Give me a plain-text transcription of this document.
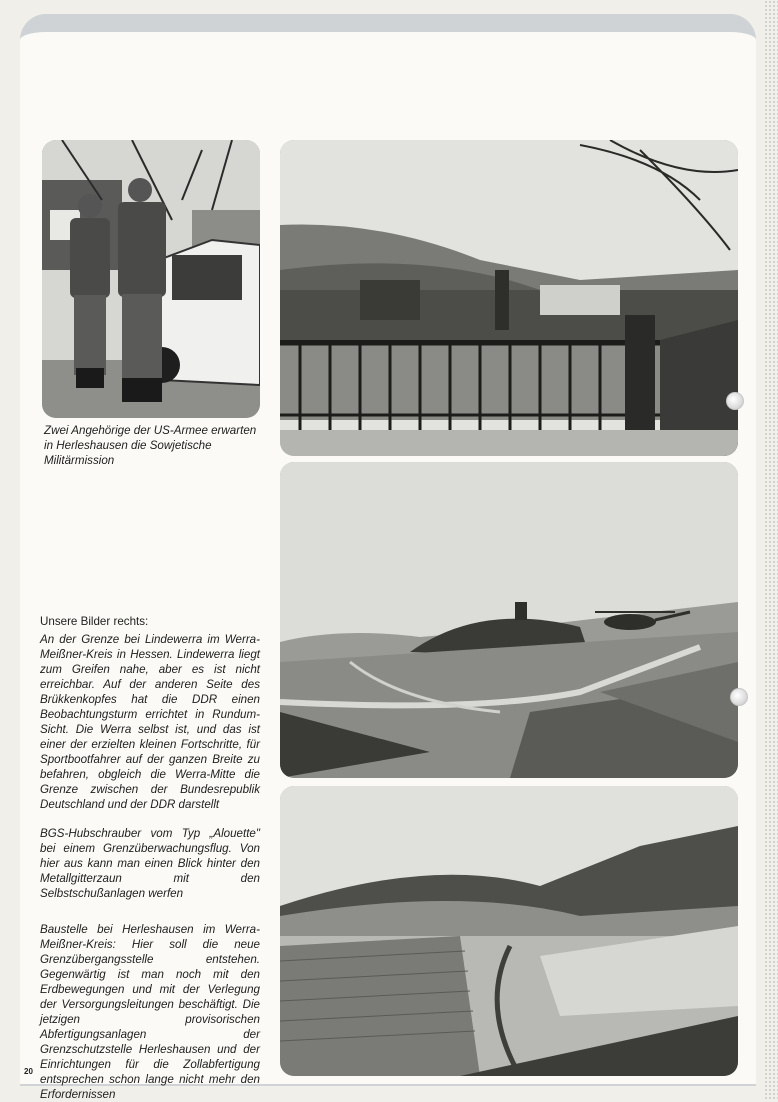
Zwei Angehörige der US-Armee erwarten in Herleshausen die Sowjetische Militärmission
Unsere Bilder rechts:
An der Grenze bei Lindewerra im Werra-Meißner-Kreis in Hessen. Lindewerra liegt zum Greifen nahe, aber es ist nicht erreichbar. Auf der anderen Seite des Brükkenkopfes hat die DDR einen Beobachtungsturm errichtet in Rundum-Sicht. Die Werra selbst ist, und das ist einer der erzielten kleinen Fortschritte, für Sportbootfahrer auf der ganzen Breite zu befahren, obgleich die Werra-Mitte die Grenze zwischen der Bundesrepublik Deutschland und der DDR darstellt
BGS-Hubschrauber vom Typ „Alouette" bei einem Grenzüberwachungsflug. Von hier aus kann man einen Blick hinter den Metallgitterzaun mit den Selbstschußanlagen werfen
Baustelle bei Herleshausen im Werra-Meißner-Kreis: Hier soll die neue Grenzübergangsstelle entstehen. Gegenwärtig ist man noch mit den Erdbewegungen und mit der Verlegung der Versorgungsleitungen beschäftigt. Die jetzigen provisorischen Abfertigungsanlagen der Grenzschutzstelle Herleshausen und der Einrichtungen für die Zollabfertigung entsprechen schon lange nicht mehr den Erfordernissen
20
